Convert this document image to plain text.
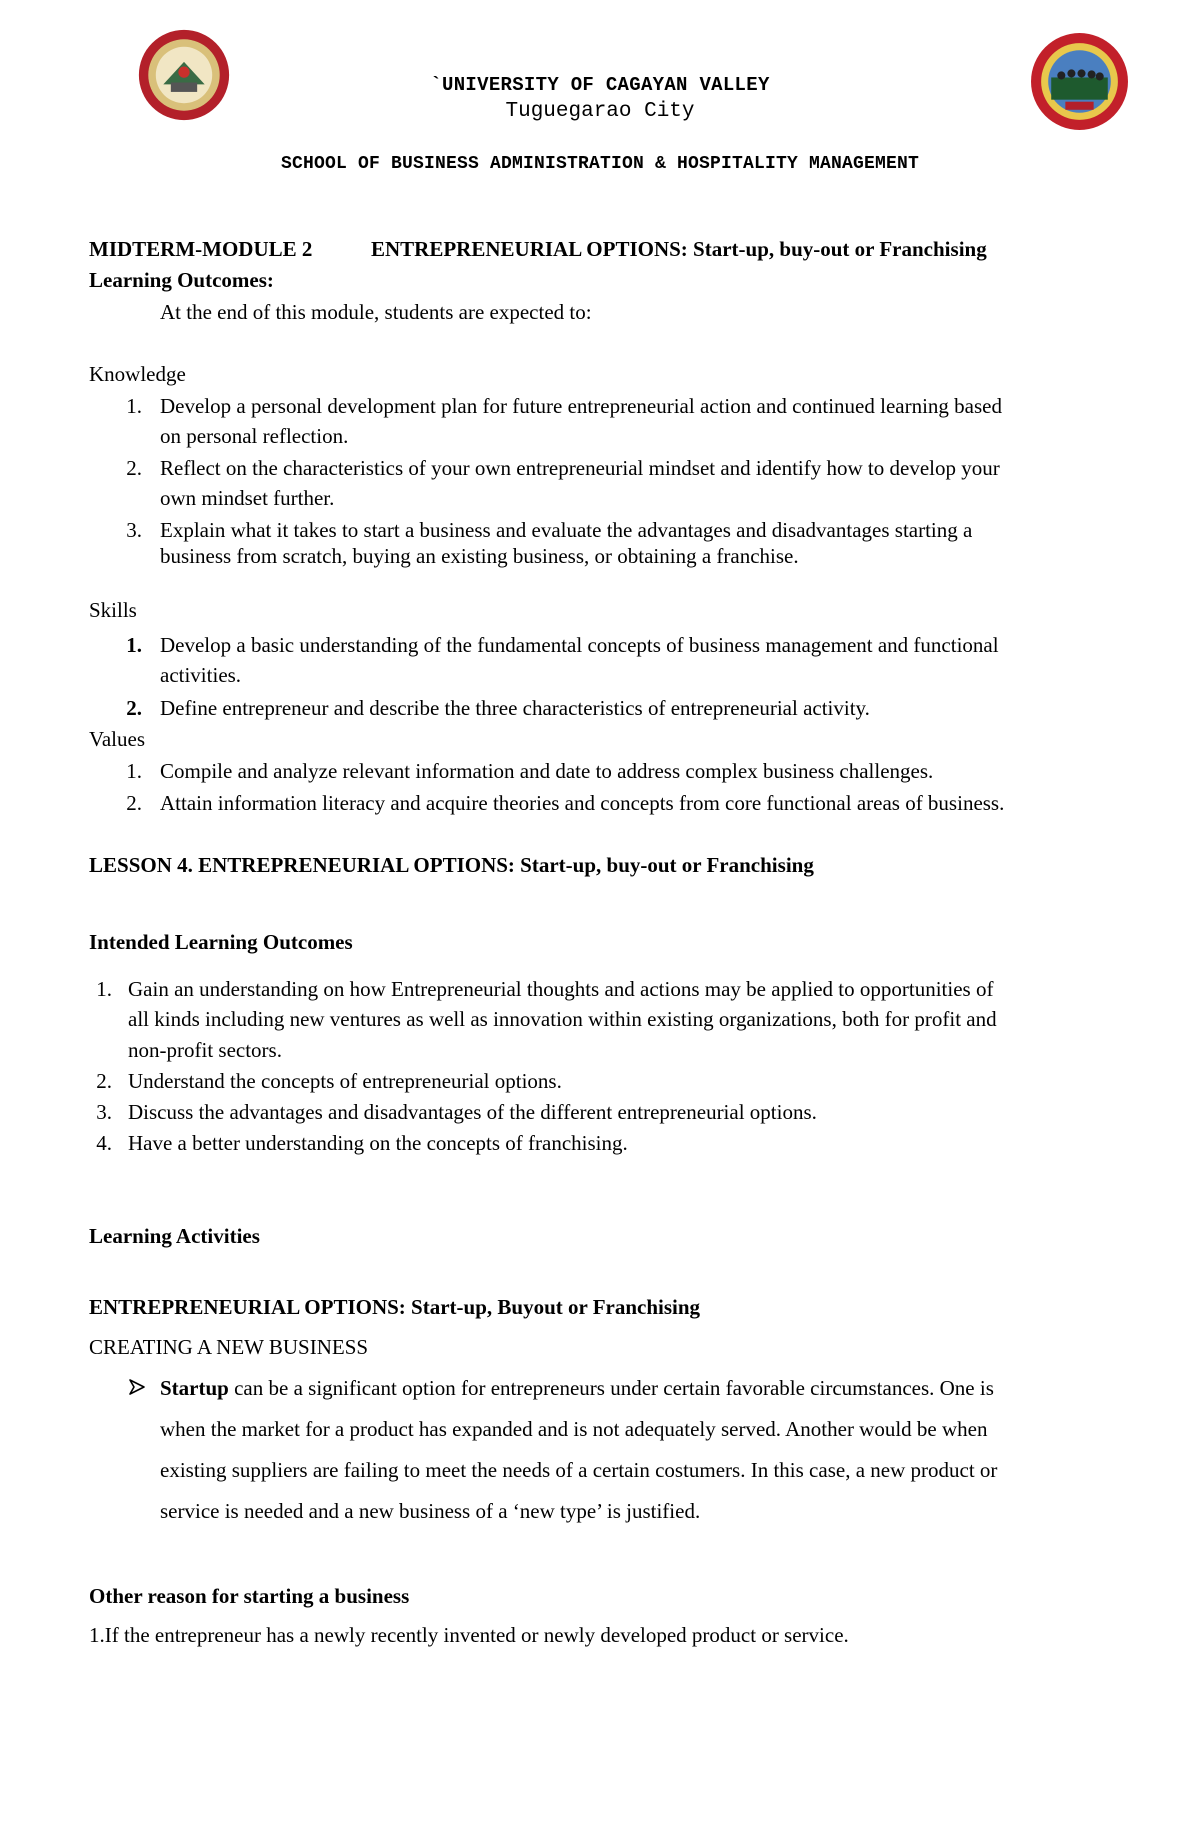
`UNIVERSITY OF CAGAYAN VALLEY
Tuguegarao City
SCHOOL OF BUSINESS ADMINISTRATION & HOSPITALITY MANAGEMENT
MIDTERM-MODULE 2	ENTREPRENEURIAL OPTIONS: Start-up, buy-out or Franchising
Learning Outcomes:
At the end of this module, students are expected to:
Knowledge
1. Develop a personal development plan for future entrepreneurial action and continued learning based
on personal reflection.
2. Reflect on the characteristics of your own entrepreneurial mindset and identify how to develop your
own mindset further.
3. Explain what it takes to start a business and evaluate the advantages and disadvantages starting a
business from scratch, buying an existing business, or obtaining a franchise.
Skills
1. Develop a basic understanding of the fundamental concepts of business management and functional
activities.
2. Define entrepreneur and describe the three characteristics of entrepreneurial activity.
Values
1. Compile and analyze relevant information and date to address complex business challenges.
2. Attain information literacy and acquire theories and concepts from core functional areas of business.
LESSON 4. ENTREPRENEURIAL OPTIONS: Start-up, buy-out or Franchising
Intended Learning Outcomes
1. Gain an understanding on how Entrepreneurial thoughts and actions may be applied to opportunities of
all kinds including new ventures as well as innovation within existing organizations, both for profit and
non-profit sectors.
2. Understand the concepts of entrepreneurial options.
3. Discuss the advantages and disadvantages of the different entrepreneurial options.
4. Have a better understanding on the concepts of franchising.
Learning Activities
ENTREPRENEURIAL OPTIONS: Start-up, Buyout or Franchising
CREATING A NEW BUSINESS
Startup can be a significant option for entrepreneurs under certain favorable circumstances. One is
when the market for a product has expanded and is not adequately served. Another would be when
existing suppliers are failing to meet the needs of a certain costumers. In this case, a new product or
service is needed and a new business of a ‘new type’ is justified.
Other reason for starting a business
1.If the entrepreneur has a newly recently invented or newly developed product or service.
